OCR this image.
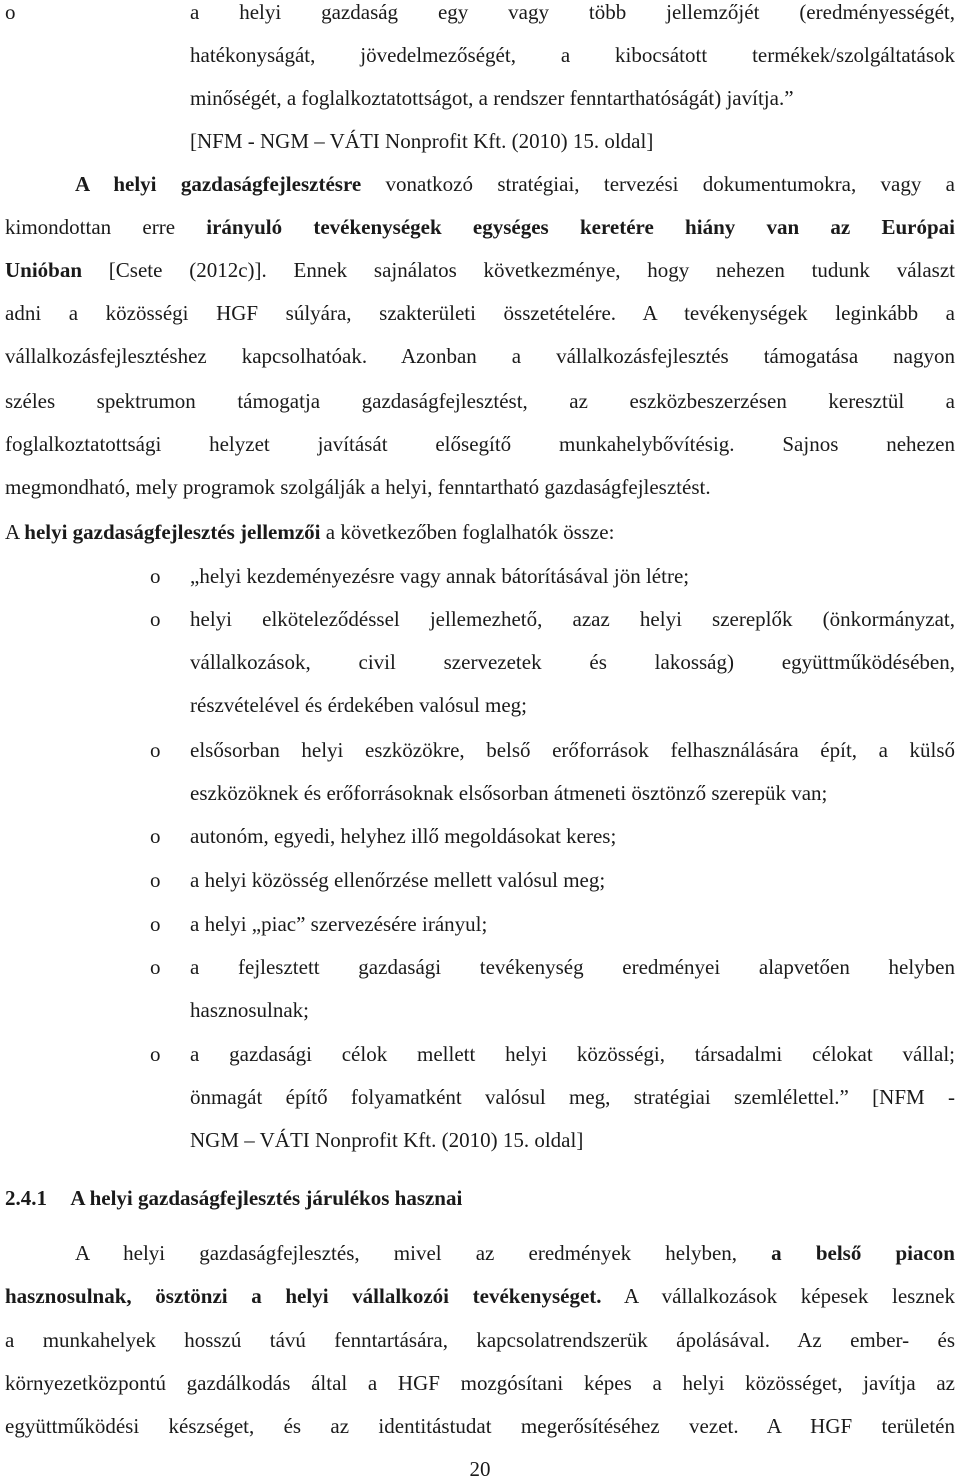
o	a helyi gazdaság egy vagy több jellemzőjét (eredményességét,
hatékonyságát, jövedelmezőségét, a kibocsátott termékek/szolgáltatások
minőségét, a foglalkoztatottságot, a rendszer fenntarthatóságát) javítja.”
[NFM - NGM – VÁTI Nonprofit Kft. (2010) 15. oldal]
A helyi gazdaságfejlesztésre vonatkozó stratégiai, tervezési dokumentumokra, vagy a
kimondottan erre irányuló tevékenységek egységes keretére hiány van az Európai
Unióban [Csete (2012c)]. Ennek sajnálatos következménye, hogy nehezen tudunk választ
adni a közösségi HGF súlyára, szakterületi összetételére. A tevékenységek leginkább a
vállalkozásfejlesztéshez kapcsolhatóak. Azonban a vállalkozásfejlesztés támogatása nagyon
széles spektrumon támogatja gazdaságfejlesztést, az eszközbeszerzésen keresztül a
foglalkoztatottsági helyzet javítását elősegítő munkahelybővítésig. Sajnos nehezen
megmondható, mely programok szolgálják a helyi, fenntartható gazdaságfejlesztést.
A helyi gazdaságfejlesztés jellemzői a következőben foglalhatók össze:
o	„helyi kezdeményezésre vagy annak bátorításával jön létre;
o	helyi elköteleződéssel jellemezhető, azaz helyi szereplők (önkormányzat,
vállalkozások, civil szervezetek és lakosság) együttműködésében,
részvételével és érdekében valósul meg;
o	elsősorban helyi eszközökre, belső erőforrások felhasználására épít, a külső
eszközöknek és erőforrásoknak elsősorban átmeneti ösztönző szerepük van;
o	autonóm, egyedi, helyhez illő megoldásokat keres;
o	a helyi közösség ellenőrzése mellett valósul meg;
o	a helyi „piac” szervezésére irányul;
o	a fejlesztett gazdasági tevékenység eredményei alapvetően helyben
hasznosulnak;
o	a gazdasági célok mellett helyi közösségi, társadalmi célokat vállal;
önmagát építő folyamatként valósul meg, stratégiai szemlélettel.” [NFM -
NGM – VÁTI Nonprofit Kft. (2010) 15. oldal]
2.4.1 A helyi gazdaságfejlesztés járulékos hasznai
A helyi gazdaságfejlesztés, mivel az eredmények helyben, a belső piacon
hasznosulnak, ösztönzi a helyi vállalkozói tevékenységet. A vállalkozások képesek lesznek
a munkahelyek hosszú távú fenntartására, kapcsolatrendszerük ápolásával. Az ember- és
környezetközpontú gazdálkodás által a HGF mozgósítani képes a helyi közösséget, javítja az
együttműködési készséget, és az identitástudat megerősítéséhez vezet. A HGF területén
20
